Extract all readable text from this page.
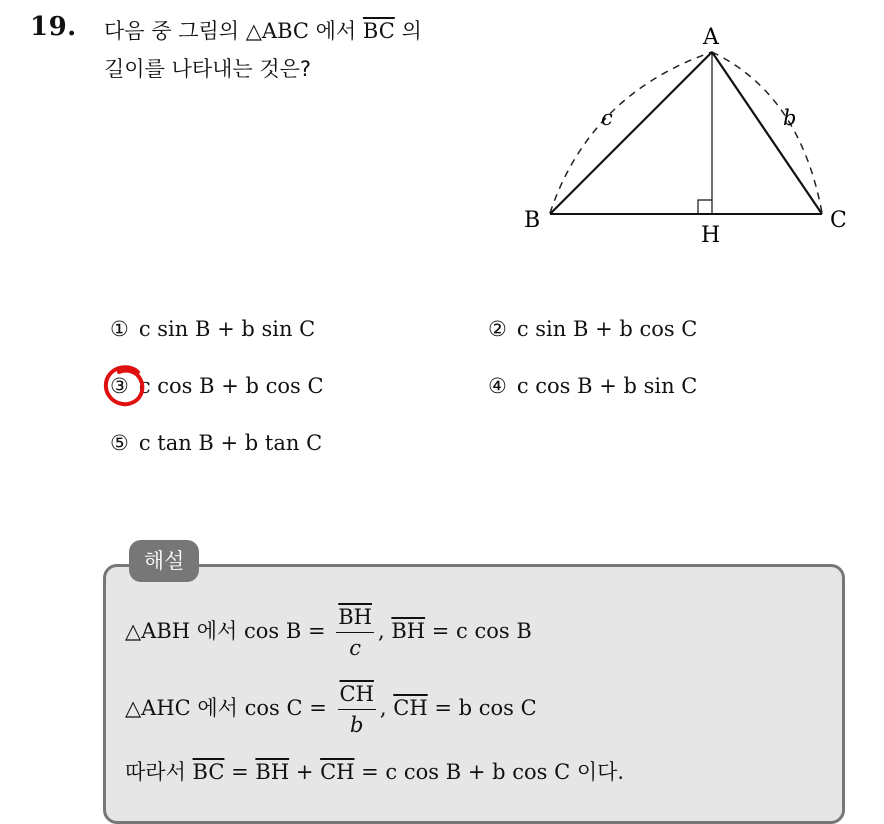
19. 다음 중 그림의 △ABC 에서 $\overline{BC}$ 의
길이를 나타내는 것은?
A
B	C
H
c	b
① c sin B + b sin C	② c sin B + b cos C
③ c cos B + b cos C	④ c cos B + b sin C
⑤ c tan B + b tan C
해설
△ABH 에서 $\cos B = \frac{\overline{BH}}{c}$ , $\overline{BH} = c$ cos B
△AHC 에서 $\cos C = \frac{\overline{CH}}{b}$ , $\overline{CH} = b$ cos C
따라서 $\overline{BC} = \overline{BH} + \overline{CH} = c$ cos B + b cos C 이다.
